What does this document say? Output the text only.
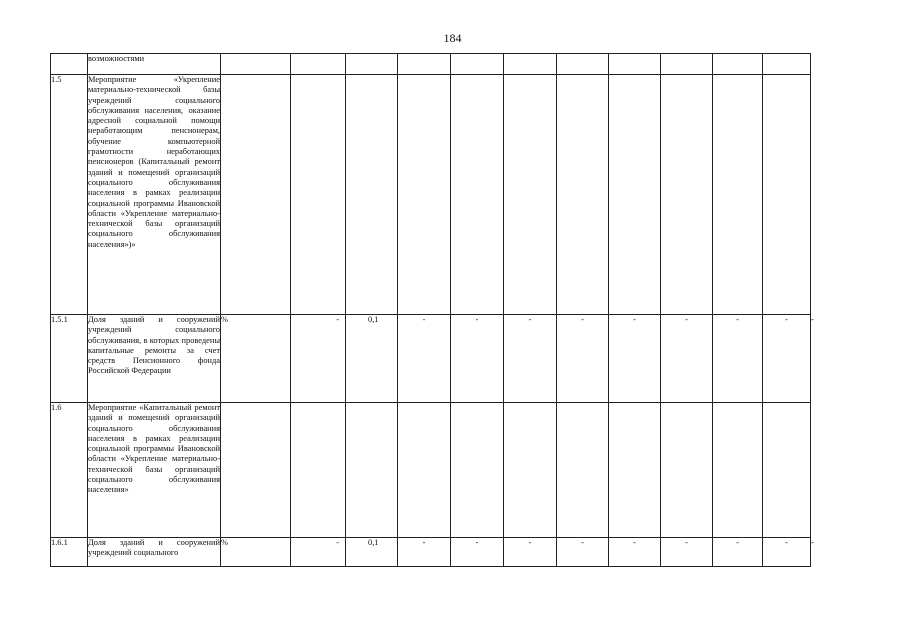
184
	возможностями												
1.5	Мероприятие «Укрепление материально-технической базы учреждений социального обслуживания населения, оказание адресной социальной помощи неработающим пенсионерам, обучение компьютерной грамотности неработающих пенсионеров (Капитальный ремонт зданий и помещений организаций социального обслуживания населения в рамках реализации социальной программы Ивановской области «Укрепление материально-технической базы организаций социального обслуживания населения»)»												
1.5.1	Доля зданий и сооружений учреждений социального обслуживания, в которых проведены капитальные ремонты за счет средств Пенсионного фонда Российской Федерации	%	-	0,1	-	-	-	-	-	-	-	-	-
1.6	Мероприятие «Капитальный ремонт зданий и помещений организаций социального обслуживания населения в рамках реализации социальной программы Ивановской области «Укрепление материально-технической базы организаций социального обслуживания населения»												
1.6.1	Доля зданий и сооружений учреждений социального	%	-	0,1	-	-	-	-	-	-	-	-	-
